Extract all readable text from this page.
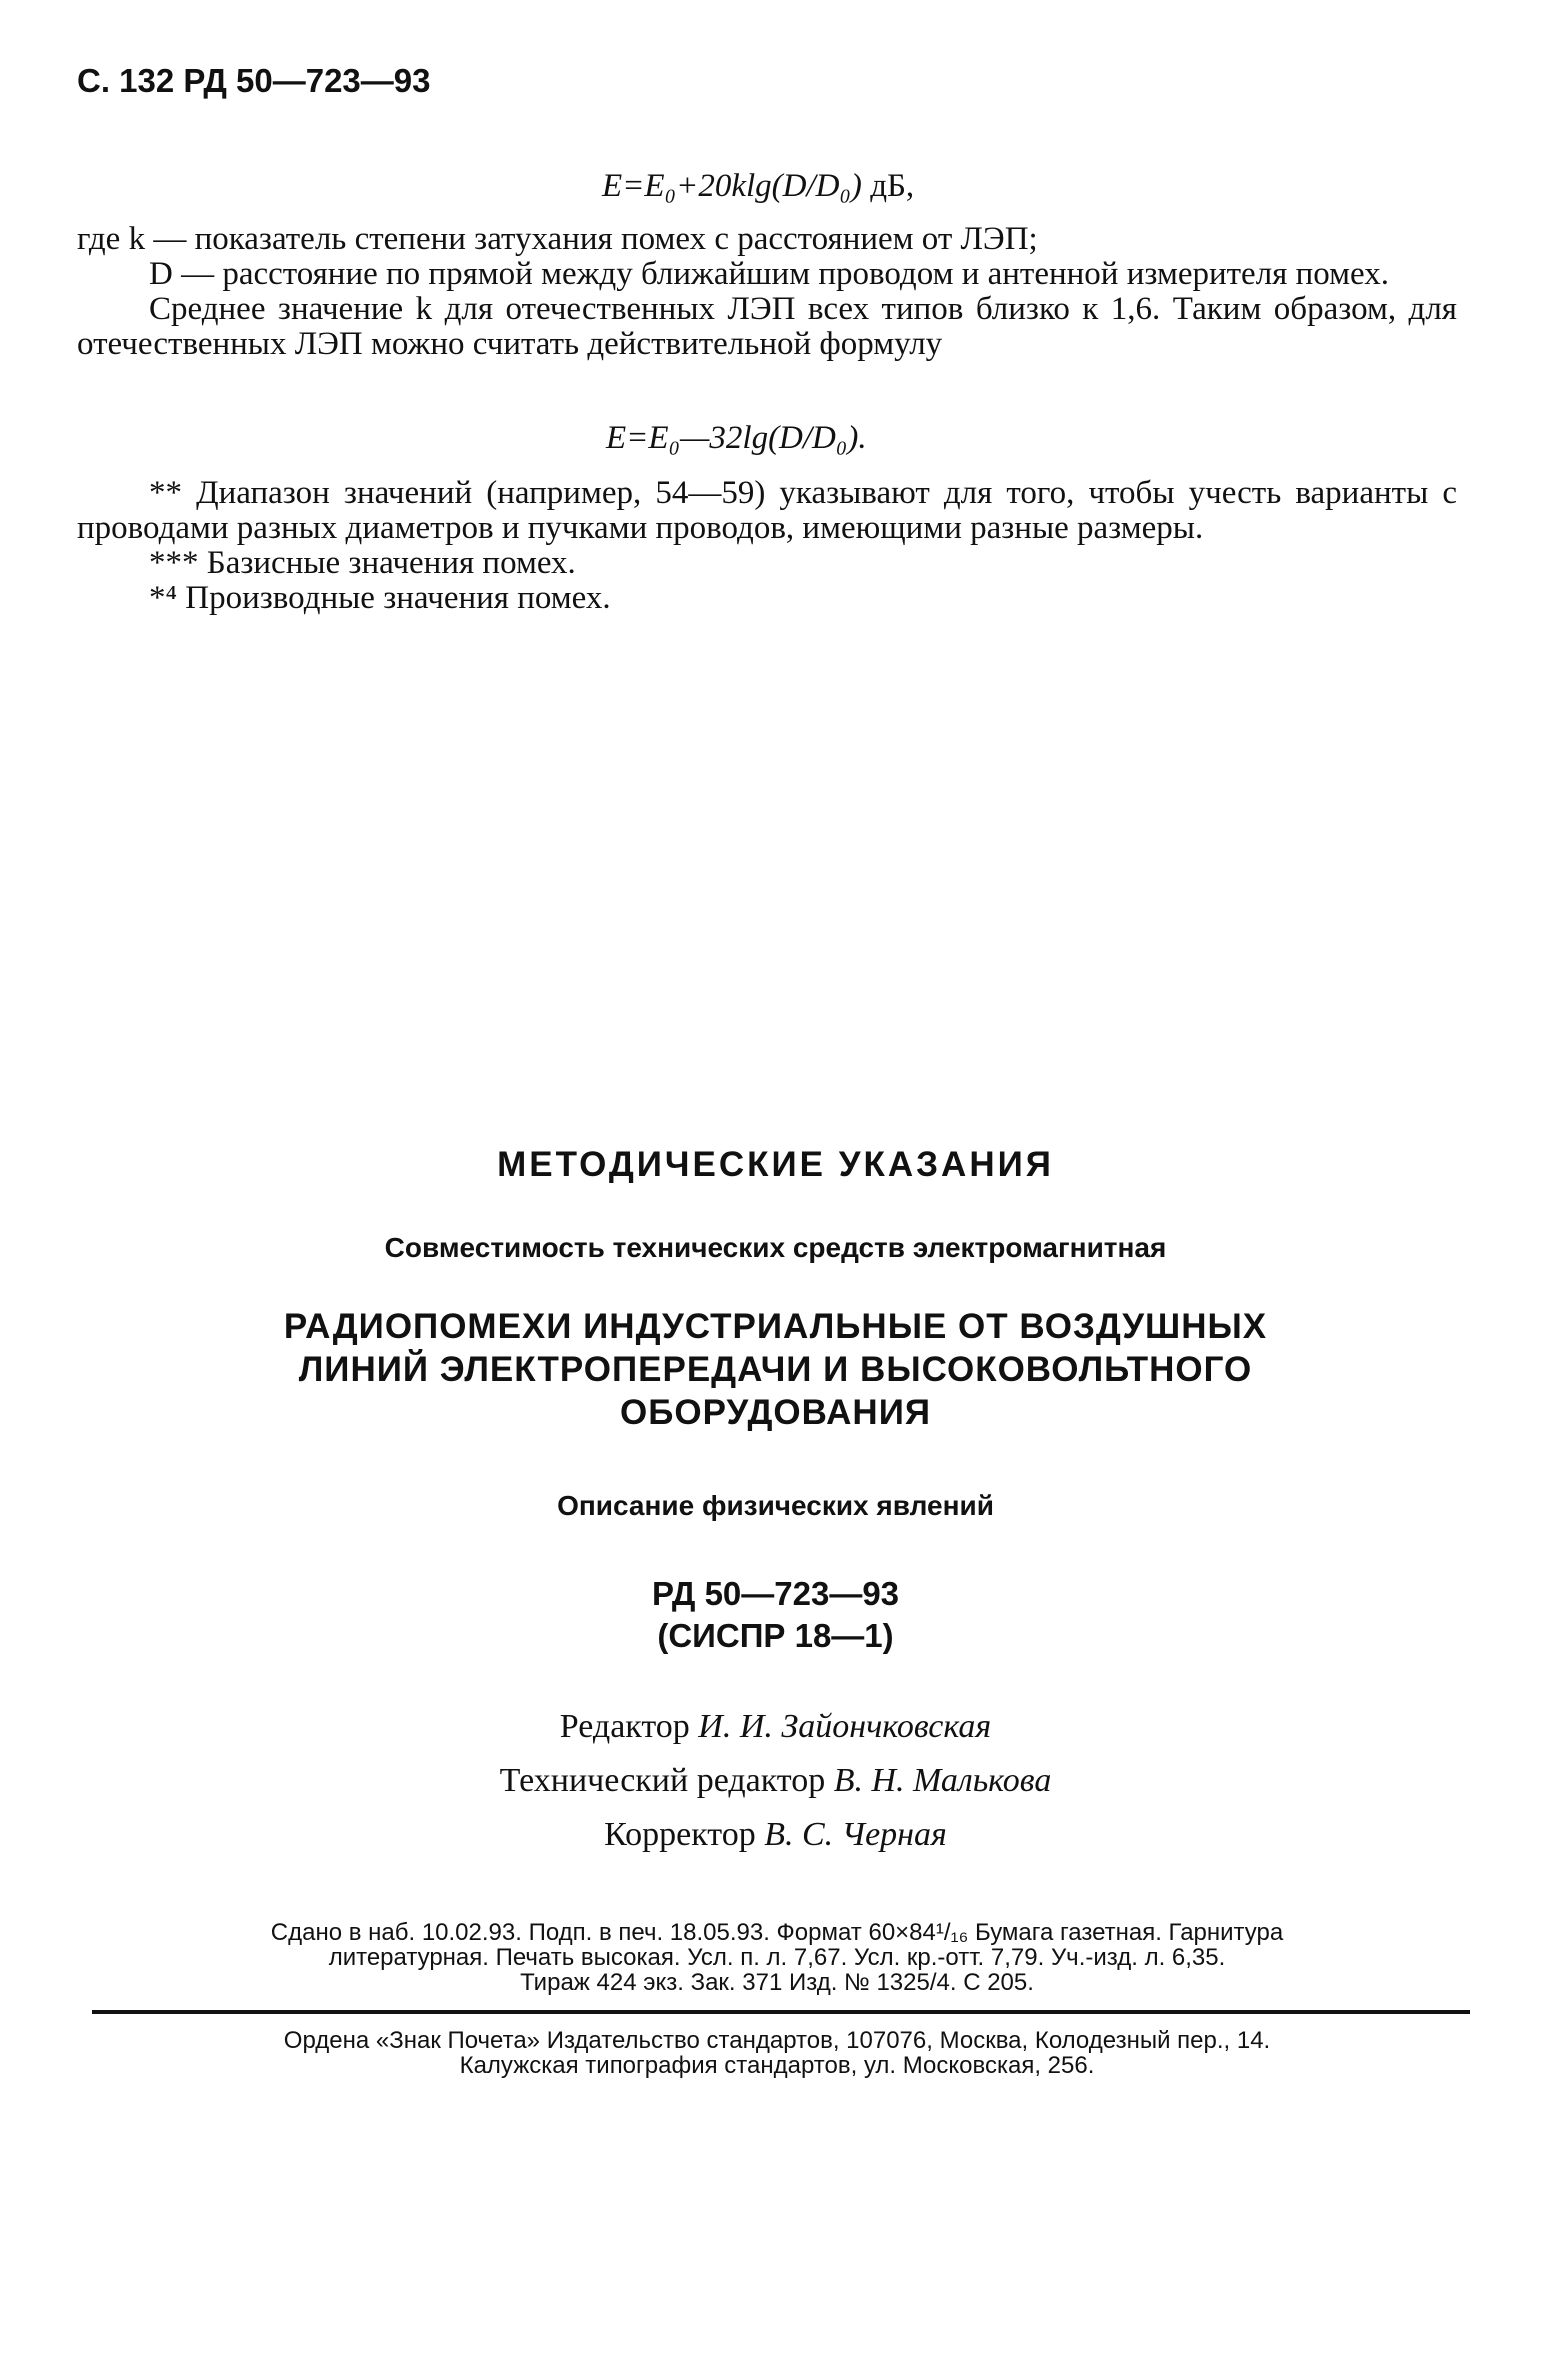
С. 132 РД 50—723—93
E=E₀+20klg(D/D₀) дБ,

где k — показатель степени затухания помех с расстоянием от ЛЭП;

D — расстояние по прямой между ближайшим проводом и антенной измерителя помех.

Среднее значение k для отечественных ЛЭП всех типов близко к 1,6. Таким образом, для отечественных ЛЭП можно считать действительной формулу

E=E₀—32lg(D/D₀).

** Диапазон значений (например, 54—59) указывают для того, чтобы учесть варианты с проводами разных диаметров и пучками проводов, имеющими разные размеры.

*** Базисные значения помех.

*⁴ Производные значения помех.

МЕТОДИЧЕСКИЕ УКАЗАНИЯ
Совместимость технических средств электромагнитная
РАДИОПОМЕХИ ИНДУСТРИАЛЬНЫЕ ОТ ВОЗДУШНЫХ
ЛИНИЙ ЭЛЕКТРОПЕРЕДАЧИ И ВЫСОКОВОЛЬТНОГО
ОБОРУДОВАНИЯ
Описание физических явлений
РД 50—723—93
(СИСПР 18—1)
Редактор И. И. Зайончковская
Технический редактор В. Н. Малькова
Корректор В. С. Черная
Сдано в наб. 10.02.93. Подп. в печ. 18.05.93. Формат 60×84¹/₁₆ Бумага газетная. Гарнитура
литературная. Печать высокая. Усл. п. л. 7,67. Усл. кр.-отт. 7,79. Уч.-изд. л. 6,35.
Тираж 424 экз. Зак. 371 Изд. № 1325/4. С 205.
Ордена «Знак Почета» Издательство стандартов, 107076, Москва, Колодезный пер., 14.
Калужская типография стандартов, ул. Московская, 256.
